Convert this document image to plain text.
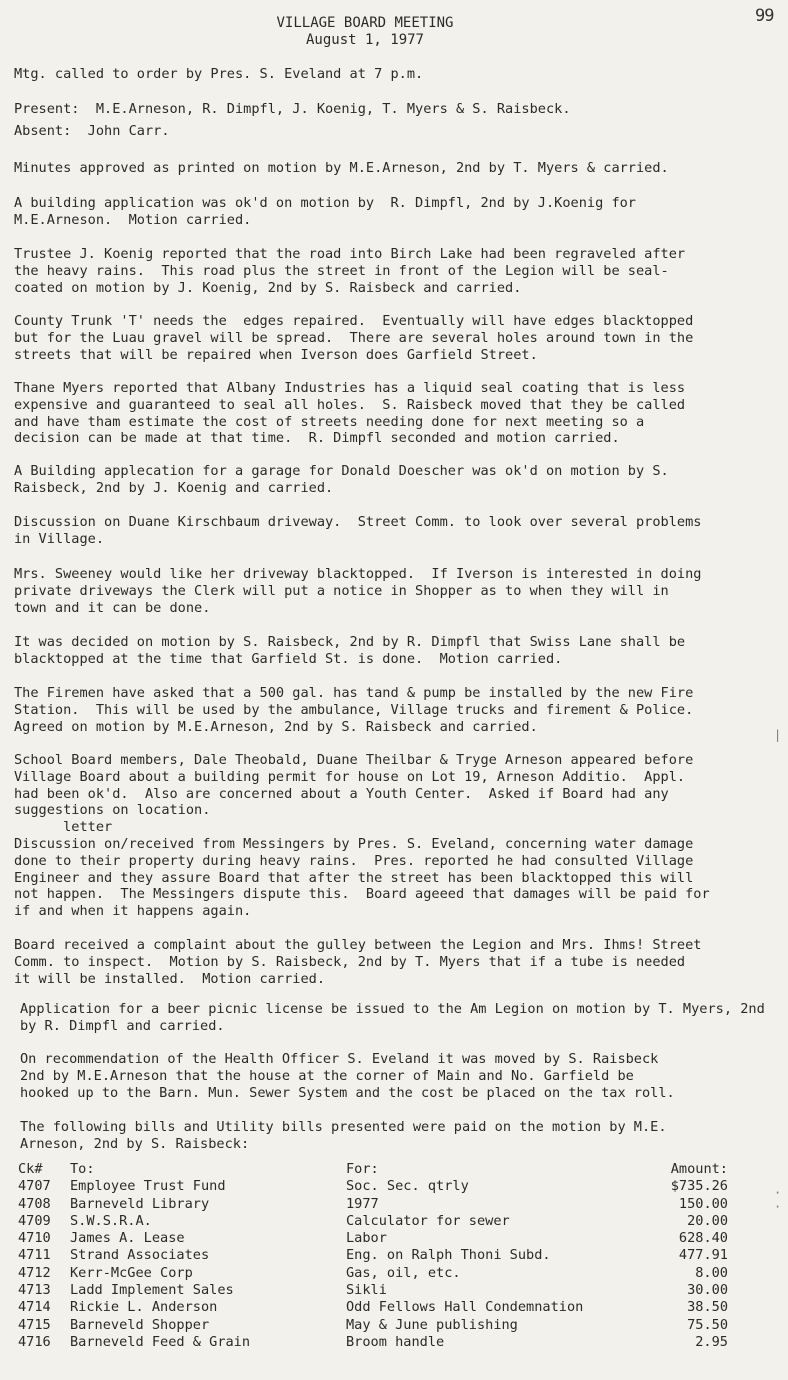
99
VILLAGE BOARD MEETING
August 1, 1977
Mtg. called to order by Pres. S. Eveland at 7 p.m.
Present:  M.E.Arneson, R. Dimpfl, J. Koenig, T. Myers & S. Raisbeck.
Absent:  John Carr.
Minutes approved as printed on motion by M.E.Arneson, 2nd by T. Myers & carried.
A building application was ok'd on motion by  R. Dimpfl, 2nd by J.Koenig for
M.E.Arneson.  Motion carried.
Trustee J. Koenig reported that the road into Birch Lake had been regraveled after
the heavy rains.  This road plus the street in front of the Legion will be seal-
coated on motion by J. Koenig, 2nd by S. Raisbeck and carried.
County Trunk 'T' needs the  edges repaired.  Eventually will have edges blacktopped
but for the Luau gravel will be spread.  There are several holes around town in the
streets that will be repaired when Iverson does Garfield Street.
Thane Myers reported that Albany Industries has a liquid seal coating that is less
expensive and guaranteed to seal all holes.  S. Raisbeck moved that they be called
and have tham estimate the cost of streets needing done for next meeting so a
decision can be made at that time.  R. Dimpfl seconded and motion carried.
A Building applecation for a garage for Donald Doescher was ok'd on motion by S.
Raisbeck, 2nd by J. Koenig and carried.
Discussion on Duane Kirschbaum driveway.  Street Comm. to look over several problems
in Village.
Mrs. Sweeney would like her driveway blacktopped.  If Iverson is interested in doing
private driveways the Clerk will put a notice in Shopper as to when they will in
town and it can be done.
It was decided on motion by S. Raisbeck, 2nd by R. Dimpfl that Swiss Lane shall be
blacktopped at the time that Garfield St. is done.  Motion carried.
The Firemen have asked that a 500 gal. has tand & pump be installed by the new Fire
Station.  This will be used by the ambulance, Village trucks and firement & Police.
Agreed on motion by M.E.Arneson, 2nd by S. Raisbeck and carried.
School Board members, Dale Theobald, Duane Theilbar & Tryge Arneson appeared before
Village Board about a building permit for house on Lot 19, Arneson Additio.  Appl.
had been ok'd.  Also are concerned about a Youth Center.  Asked if Board had any
suggestions on location.
letter
Discussion on/received from Messingers by Pres. S. Eveland, concerning water damage
done to their property during heavy rains.  Pres. reported he had consulted Village
Engineer and they assure Board that after the street has been blacktopped this will
not happen.  The Messingers dispute this.  Board ageeed that damages will be paid for
if and when it happens again.
Board received a complaint about the gulley between the Legion and Mrs. Ihms! Street
Comm. to inspect.  Motion by S. Raisbeck, 2nd by T. Myers that if a tube is needed
it will be installed.  Motion carried.
Application for a beer picnic license be issued to the Am Legion on motion by T. Myers, 2nd
by R. Dimpfl and carried.
On recommendation of the Health Officer S. Eveland it was moved by S. Raisbeck
2nd by M.E.Arneson that the house at the corner of Main and No. Garfield be
hooked up to the Barn. Mun. Sewer System and the cost be placed on the tax roll.
The following bills and Utility bills presented were paid on the motion by M.E.
Arneson, 2nd by S. Raisbeck:
Ck# To:	For:	Amount:
4707 Employee Trust Fund	Soc. Sec. qtrly	$735.26
4708 Barneveld Library	1977	150.00
4709 S.W.S.R.A.	Calculator for sewer	20.00
4710 James A. Lease	Labor	628.40
4711 Strand Associates	Eng. on Ralph Thoni Subd.	477.91
4712 Kerr-McGee Corp	Gas, oil, etc.	8.00
4713 Ladd Implement Sales	Sikli	30.00
4714 Rickie L. Anderson	Odd Fellows Hall Condemnation	38.50
4715 Barneveld Shopper	May & June publishing	75.50
4716 Barneveld Feed & Grain	Broom handle	2.95
|
·
·
